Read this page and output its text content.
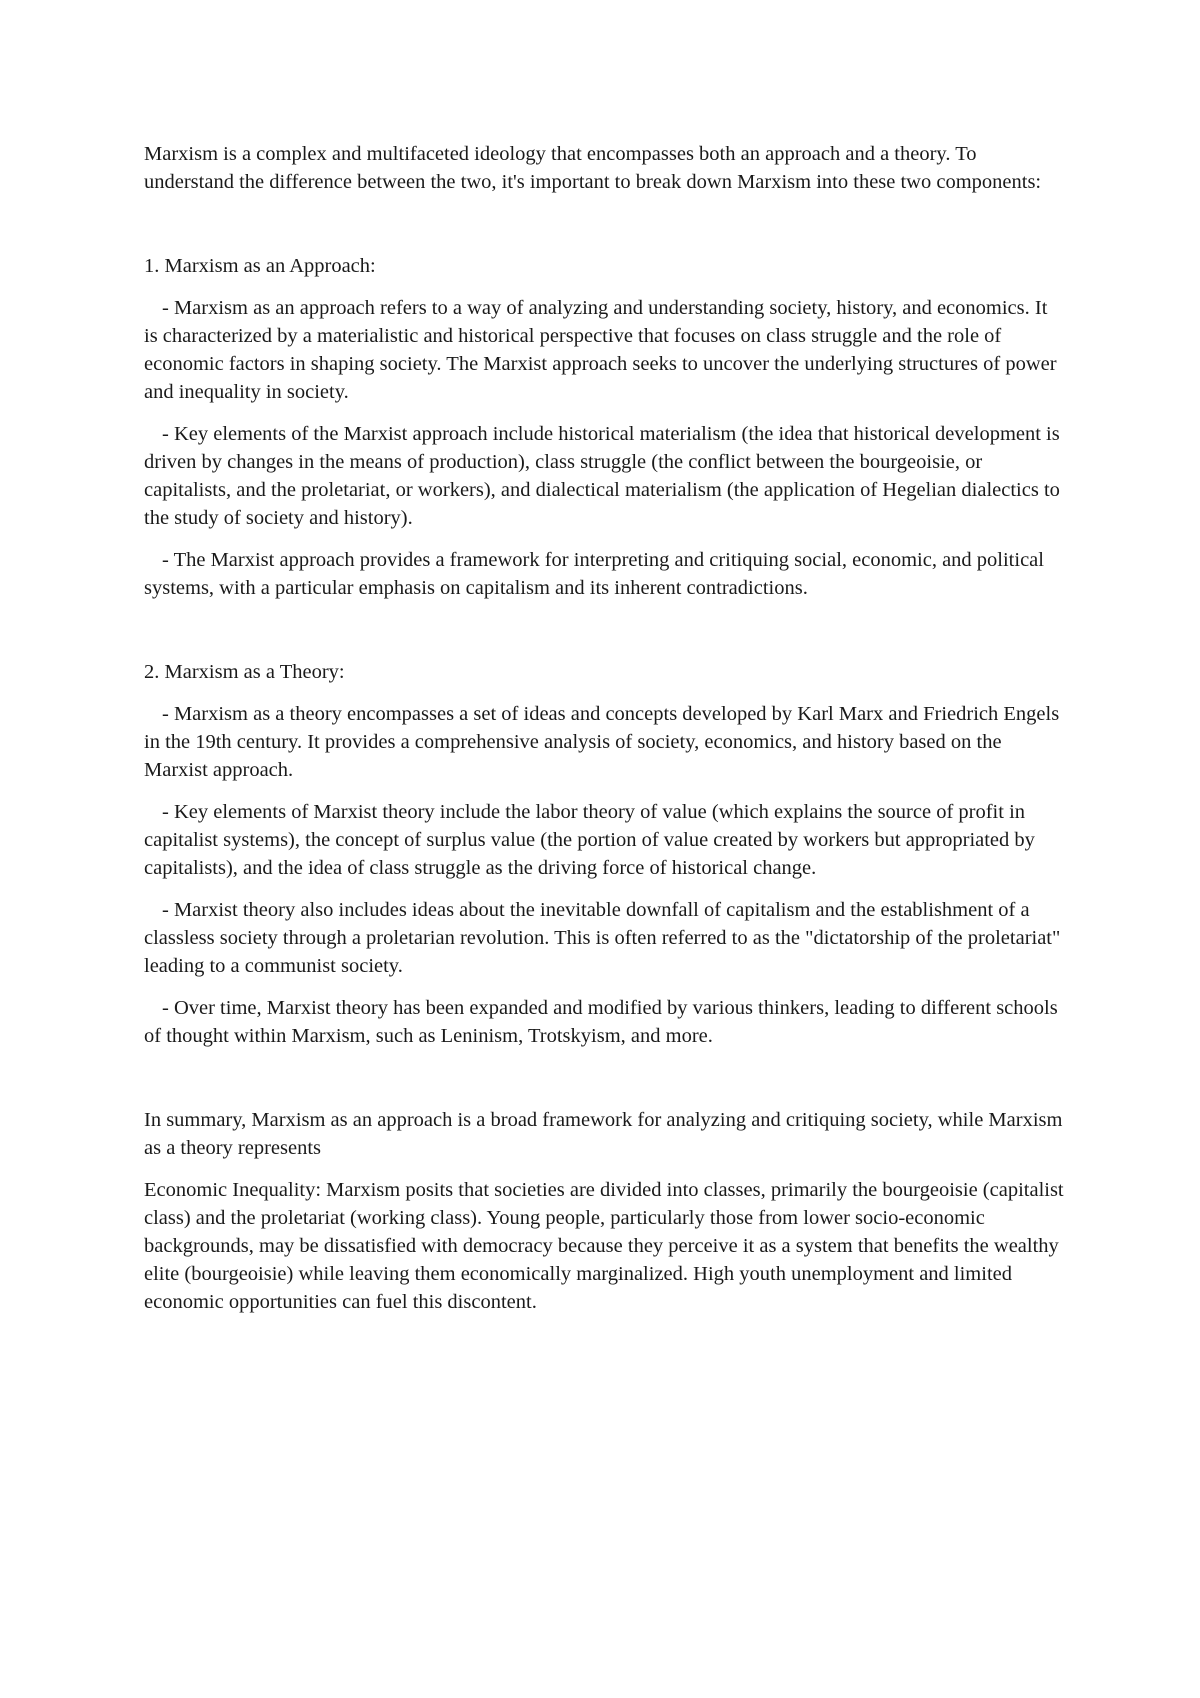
Marxism is a complex and multifaceted ideology that encompasses both an approach and a theory. To understand the difference between the two, it's important to break down Marxism into these two components:

1. Marxism as an Approach:

- Marxism as an approach refers to a way of analyzing and understanding society, history, and economics. It is characterized by a materialistic and historical perspective that focuses on class struggle and the role of economic factors in shaping society. The Marxist approach seeks to uncover the underlying structures of power and inequality in society.

- Key elements of the Marxist approach include historical materialism (the idea that historical development is driven by changes in the means of production), class struggle (the conflict between the bourgeoisie, or capitalists, and the proletariat, or workers), and dialectical materialism (the application of Hegelian dialectics to the study of society and history).

- The Marxist approach provides a framework for interpreting and critiquing social, economic, and political systems, with a particular emphasis on capitalism and its inherent contradictions.

2. Marxism as a Theory:

- Marxism as a theory encompasses a set of ideas and concepts developed by Karl Marx and Friedrich Engels in the 19th century. It provides a comprehensive analysis of society, economics, and history based on the Marxist approach.

- Key elements of Marxist theory include the labor theory of value (which explains the source of profit in capitalist systems), the concept of surplus value (the portion of value created by workers but appropriated by capitalists), and the idea of class struggle as the driving force of historical change.

- Marxist theory also includes ideas about the inevitable downfall of capitalism and the establishment of a classless society through a proletarian revolution. This is often referred to as the "dictatorship of the proletariat" leading to a communist society.

- Over time, Marxist theory has been expanded and modified by various thinkers, leading to different schools of thought within Marxism, such as Leninism, Trotskyism, and more.

In summary, Marxism as an approach is a broad framework for analyzing and critiquing society, while Marxism as a theory represents

Economic Inequality: Marxism posits that societies are divided into classes, primarily the bourgeoisie (capitalist class) and the proletariat (working class). Young people, particularly those from lower socio-economic backgrounds, may be dissatisfied with democracy because they perceive it as a system that benefits the wealthy elite (bourgeoisie) while leaving them economically marginalized. High youth unemployment and limited economic opportunities can fuel this discontent.
